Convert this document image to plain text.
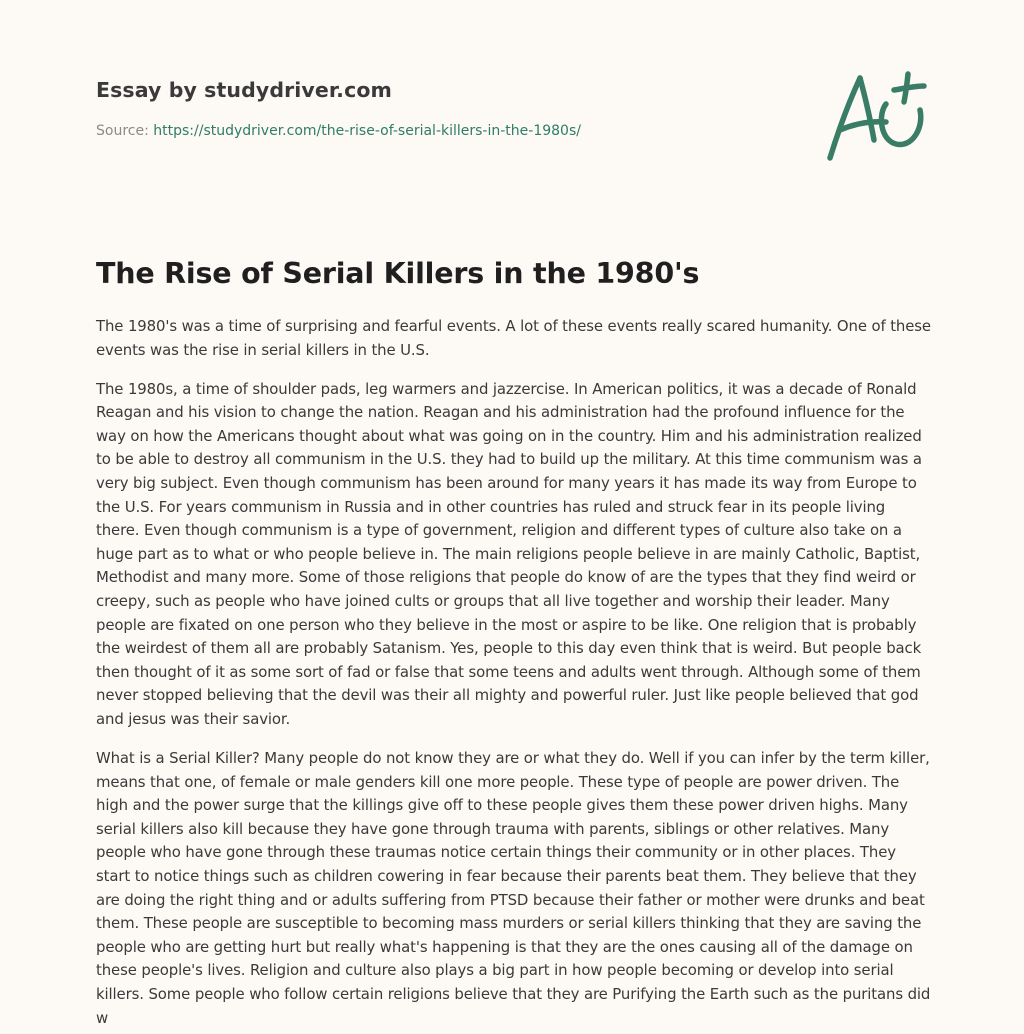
Essay by studydriver.com
Source: https://studydriver.com/the-rise-of-serial-killers-in-the-1980s/
The Rise of Serial Killers in the 1980's

The 1980's was a time of surprising and fearful events. A lot of these events really scared humanity. One of these events was the rise in serial killers in the U.S.

The 1980s, a time of shoulder pads, leg warmers and jazzercise. In American politics, it was a decade of Ronald Reagan and his vision to change the nation. Reagan and his administration had the profound influence for the way on how the Americans thought about what was going on in the country. Him and his administration realized to be able to destroy all communism in the U.S. they had to build up the military. At this time communism was a very big subject. Even though communism has been around for many years it has made its way from Europe to the U.S. For years communism in Russia and in other countries has ruled and struck fear in its people living there. Even though communism is a type of government, religion and different types of culture also take on a huge part as to what or who people believe in. The main religions people believe in are mainly Catholic, Baptist, Methodist and many more. Some of those religions that people do know of are the types that they find weird or creepy, such as people who have joined cults or groups that all live together and worship their leader. Many people are fixated on one person who they believe in the most or aspire to be like. One religion that is probably the weirdest of them all are probably Satanism. Yes, people to this day even think that is weird. But people back then thought of it as some sort of fad or false that some teens and adults went through. Although some of them never stopped believing that the devil was their all mighty and powerful ruler. Just like people believed that god and jesus was their savior.

What is a Serial Killer? Many people do not know they are or what they do. Well if you can infer by the term killer, means that one, of female or male genders kill one more people. These type of people are power driven. The high and the power surge that the killings give off to these people gives them these power driven highs. Many serial killers also kill because they have gone through trauma with parents, siblings or other relatives. Many people who have gone through these traumas notice certain things their community or in other places. They start to notice things such as children cowering in fear because their parents beat them. They believe that they are doing the right thing and or adults suffering from PTSD because their father or mother were drunks and beat them. These people are susceptible to becoming mass murders or serial killers thinking that they are saving the people who are getting hurt but really what's happening is that they are the ones causing all of the damage on these people's lives. Religion and culture also plays a big part in how people becoming or develop into serial killers. Some people who follow certain religions believe that they are Purifying the Earth such as the puritans did w
